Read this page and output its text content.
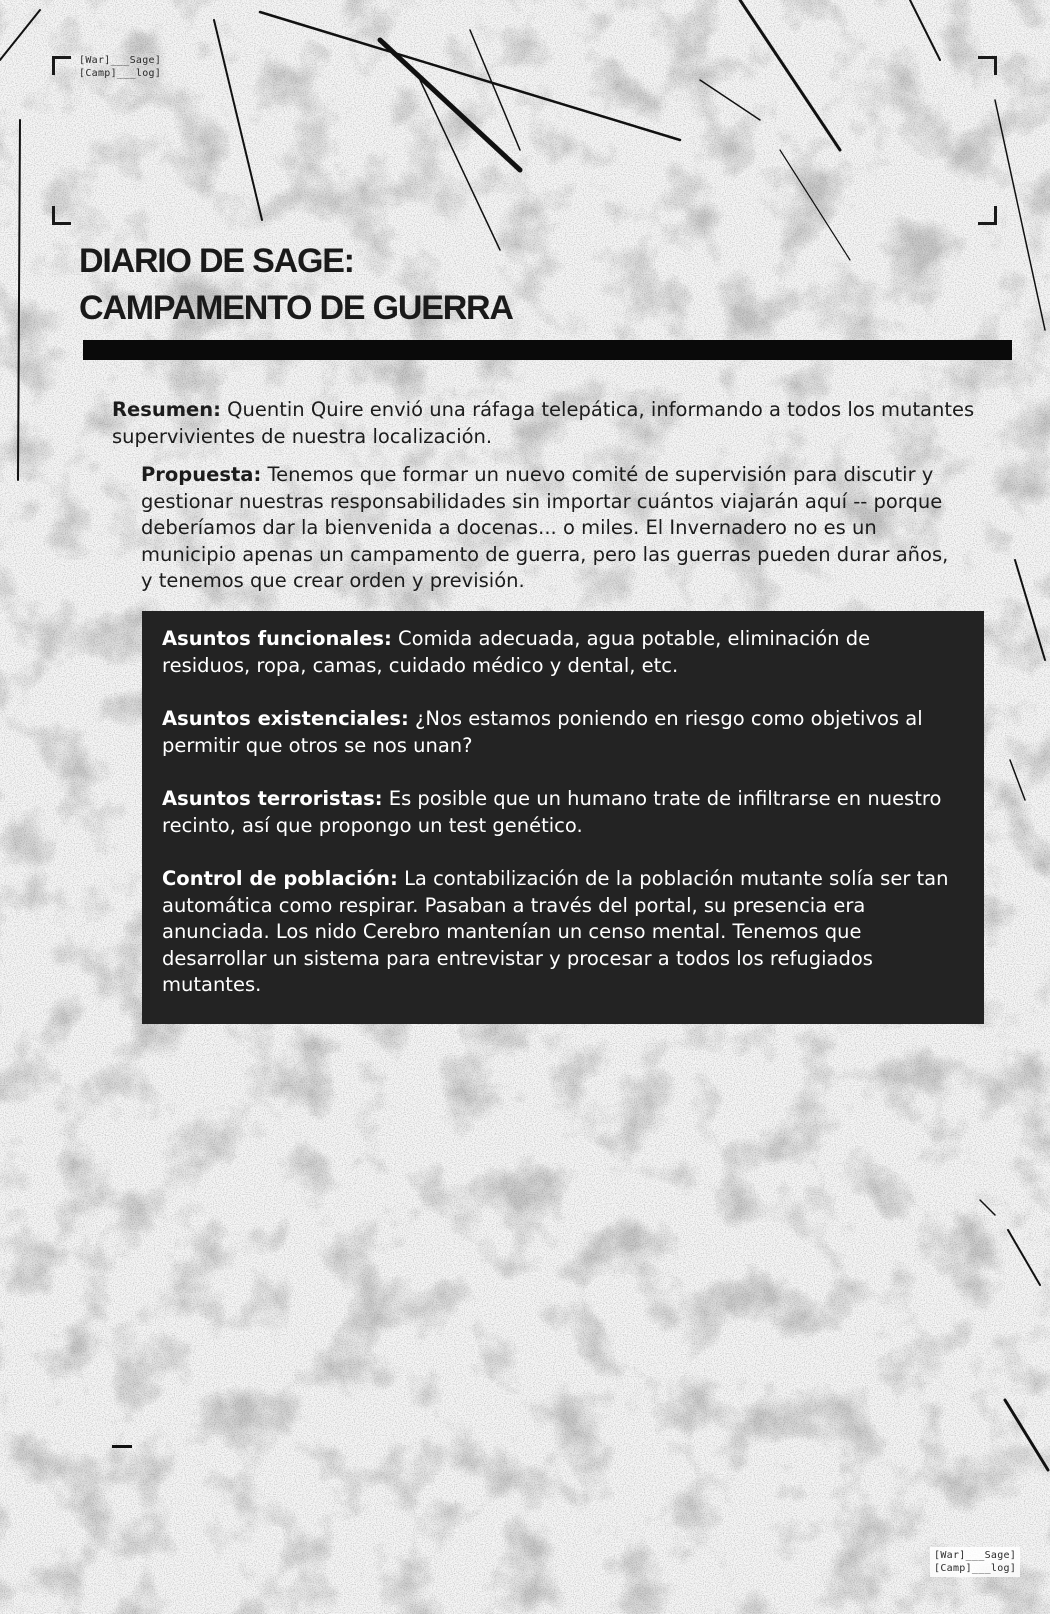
[War]___Sage]
[Camp]___log]
DIARIO DE SAGE:
CAMPAMENTO DE GUERRA

Resumen: Quentin Quire envió una ráfaga telepática, informando a todos los mutantes supervivientes de nuestra localización.

Propuesta: Tenemos que formar un nuevo comité de supervisión para discutir y gestionar nuestras responsabilidades sin importar cuántos viajarán aquí -- porque deberíamos dar la bienvenida a docenas... o miles. El Invernadero no es un municipio apenas un campamento de guerra, pero las guerras pueden durar años, y tenemos que crear orden y previsión.

Asuntos funcionales: Comida adecuada, agua potable, eliminación de residuos, ropa, camas, cuidado médico y dental, etc.

Asuntos existenciales: ¿Nos estamos poniendo en riesgo como objetivos al permitir que otros se nos unan?

Asuntos terroristas: Es posible que un humano trate de infiltrarse en nuestro recinto, así que propongo un test genético.

Control de población: La contabilización de la población mutante solía ser tan automática como respirar. Pasaban a través del portal, su presencia era anunciada. Los nido Cerebro mantenían un censo mental. Tenemos que desarrollar un sistema para entrevistar y procesar a todos los refugiados mutantes.

[War]___Sage]
[Camp]___log]
